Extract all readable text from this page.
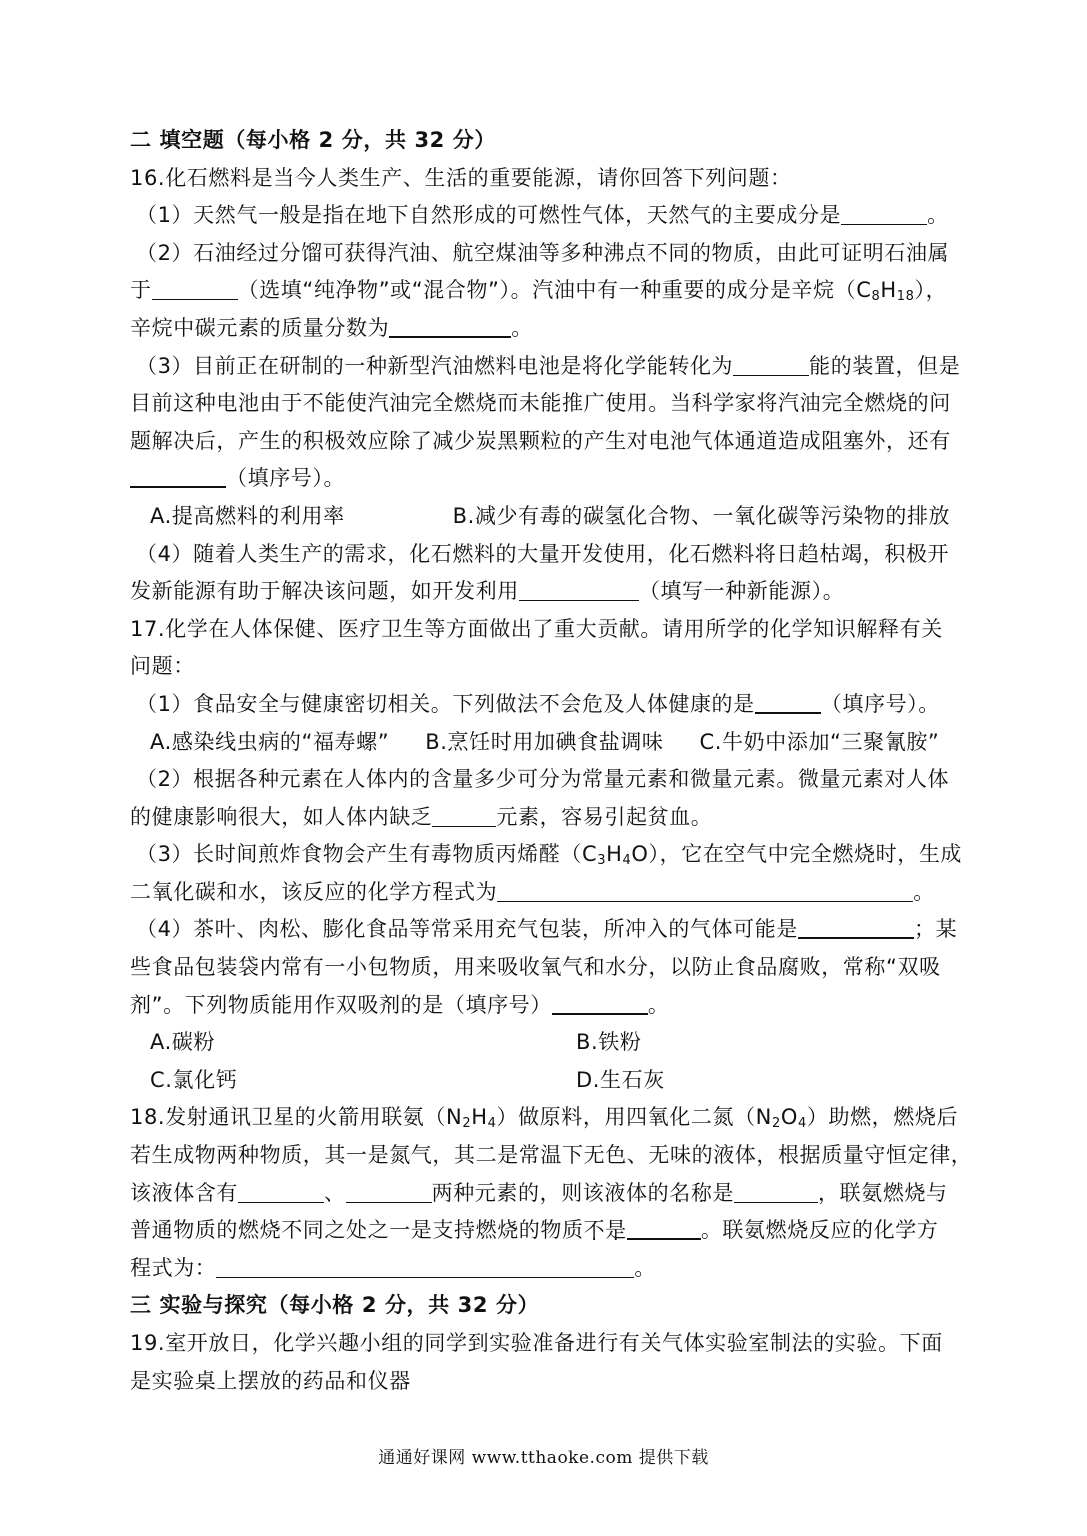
二 填空题（每小格 2 分，共 32 分）
16.化石燃料是当今人类生产、生活的重要能源，请你回答下列问题：
（1）天然气一般是指在地下自然形成的可燃性气体，天然气的主要成分是	。
（2）石油经过分馏可获得汽油、航空煤油等多种沸点不同的物质，由此可证明石油属
于	（选填“纯净物”或“混合物”）。汽油中有一种重要的成分是辛烷$(C_8H_{18})$，
辛烷中碳元素的质量分数为	。
（3）目前正在研制的一种新型汽油燃料电池是将化学能转化为	能的装置，但是
目前这种电池由于不能使汽油完全燃烧而未能推广使用。当科学家将汽油完全燃烧的问
题解决后，产生的积极效应除了减少炭黑颗粒的产生对电池气体通道造成阻塞外，还有
（填序号）。
A.提高燃料的利用率	B.减少有毒的碳氢化合物、一氧化碳等污染物的排放
（4）随着人类生产的需求，化石燃料的大量开发使用，化石燃料将日趋枯竭，积极开
发新能源有助于解决该问题，如开发利用	（填写一种新能源）。
17.化学在人体保健、医疗卫生等方面做出了重大贡献。请用所学的化学知识解释有关
问题：
（1）食品安全与健康密切相关。下列做法不会危及人体健康的是	（填序号）。
A.感染线虫病的“福寿螺” B.烹饪时用加碘食盐调味 C.牛奶中添加“三聚氰胺”
（2）根据各种元素在人体内的含量多少可分为常量元素和微量元素。微量元素对人体
的健康影响很大，如人体内缺乏	元素，容易引起贫血。
（3）长时间煎炸食物会产生有毒物质丙烯醛$(C_3H_4O)$，它在空气中完全燃烧时，生成
二氧化碳和水，该反应的化学方程式为	。
（4）茶叶、肉松、膨化食品等常采用充气包装，所冲入的气体可能是	；某
些食品包装袋内常有一小包物质，用来吸收氧气和水分，以防止食品腐败，常称“双吸
剂”。下列物质能用作双吸剂的是（填序号）	。
A.碳粉	B.铁粉
C.氯化钙	D.生石灰
18.发射通讯卫星的火箭用联氨$(N_2H_4)$做原料，用四氧化二氮$(N_2O_4)$助燃，燃烧后
若生成物两种物质，其一是氮气，其二是常温下无色、无味的液体，根据质量守恒定律，
该液体含有	、	两种元素的，则该液体的名称是	，联氨燃烧与
普通物质的燃烧不同之处之一是支持燃烧的物质不是	。联氨燃烧反应的化学方
程式为：	。
三 实验与探究（每小格 2 分，共 32 分）
19.室开放日，化学兴趣小组的同学到实验准备进行有关气体实验室制法的实验。下面
是实验桌上摆放的药品和仪器
通通好课网 www.tthaoke.com 提供下载
